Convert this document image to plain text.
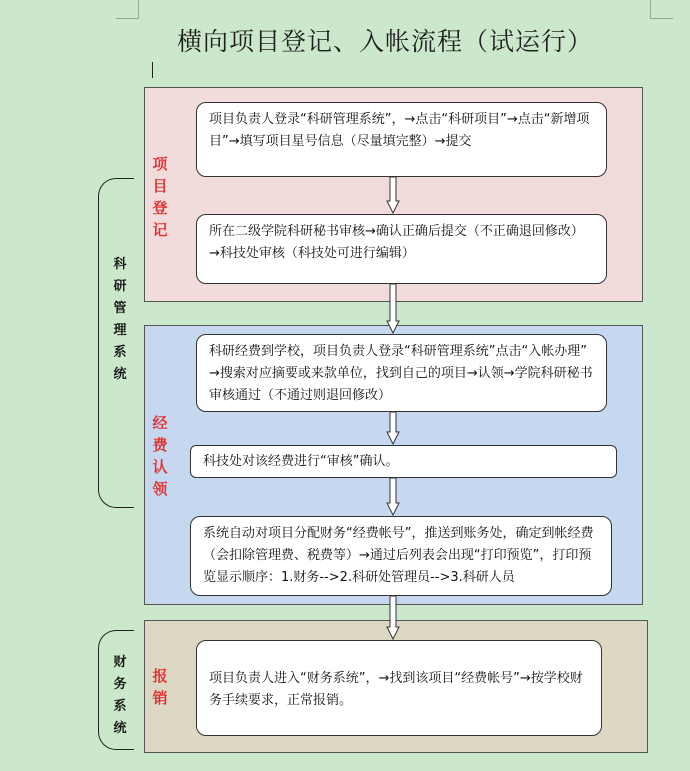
横向项目登记、入帐流程（试运行）
项目登记
经费认领
报销
科研管理系统
财务系统
项目负责人登录“科研管理系统”，→点击“科研项目”→点击“新增项目”→填写项目星号信息（尽量填完整）→提交
所在二级学院科研秘书审核→确认正确后提交（不正确退回修改）→科技处审核（科技处可进行编辑）
科研经费到学校，项目负责人登录“科研管理系统”点击“入帐办理” →搜索对应摘要或来款单位，找到自己的项目→认领→学院科研秘书审核通过（不通过则退回修改）
科技处对该经费进行“审核”确认。
系统自动对项目分配财务“经费帐号”，推送到账务处，确定到帐经费（会扣除管理费、税费等）→通过后列表会出现“打印预览”，打印预览显示顺序：1.财务-->2.科研处管理员-->3.科研人员
项目负责人进入“财务系统”，→找到该项目“经费帐号”→按学校财务手续要求，正常报销。
